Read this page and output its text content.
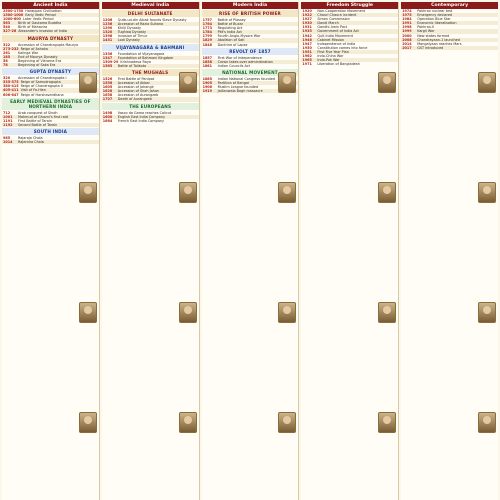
Ancient India
2500-1750 Harappan Civilisation
1500-1000 Early Vedic Period
1000-600 Later Vedic Period
563	Birth of Gautama Buddha
540	Birth of Mahavira
327-26 Alexander's invasion of India
MAURYA DYNASTY
322	Accession of Chandragupta Maurya
273-232 Reign of Ashoka
261	Kalinga War
185	End of Maurya Dynasty
58	Beginning of Vikrama Era
78	Beginning of Saka Era
GUPTA DYNASTY
320	Accession of Chandragupta I
335-375 Reign of Samudragupta
380-415 Reign of Chandragupta II
405-411 Visit of Fa-Hien
606-647 Reign of Harshavardhana
EARLY MEDIEVAL DYNASTIES OF NORTHERN INDIA
712	Arab conquest of Sindh
1001	Mahmud of Ghazni's first raid
1191	First Battle of Tarain
1192	Second Battle of Tarain
SOUTH INDIA
985	Rajaraja Chola
1014	Rajendra Chola
Medieval India
DELHI SULTANATE
1206	Qutb-ud-din Aibak founds Slave Dynasty
1236	Accession of Razia Sultana
1290	Khilji Dynasty
1320	Tughlaq Dynasty
1398	Invasion of Timur
1451	Lodi Dynasty
VIJAYANAGARA & BAHMANI
1336	Foundation of Vijayanagara
1347	Foundation of Bahmani Kingdom
1509-29 Krishnadeva Raya
1565	Battle of Talikota
THE MUGHALS
1526	First Battle of Panipat
1556	Accession of Akbar
1605	Accession of Jahangir
1628	Accession of Shah Jahan
1658	Accession of Aurangzeb
1707	Death of Aurangzeb
THE EUROPEANS
1498	Vasco da Gama reaches Calicut
1600	English East India Company
1664	French East India Company
Modern India
RISE OF BRITISH POWER
1757	Battle of Plassey
1764	Battle of Buxar
1773	Regulating Act
1784	Pitt's India Act
1799	Fourth Anglo-Mysore War
1829	Abolition of Sati
1848	Doctrine of Lapse
REVOLT OF 1857
1857	First War of Independence
1858	Crown takes over administration
1861	Indian Councils Act
NATIONAL MOVEMENT
1885	Indian National Congress founded
1905	Partition of Bengal
1906	Muslim League founded
1919	Jallianwala Bagh massacre
Freedom Struggle
1920	Non-Cooperation Movement
1922	Chauri Chaura incident
1927	Simon Commission
1930	Dandi March
1931	Gandhi-Irwin Pact
1935	Government of India Act
1942	Quit India Movement
1946	Cabinet Mission
1947	Independence of India
1950	Constitution comes into force
1951	First Five Year Plan
1962	Indo-China War
1965	Indo-Pak War
1971	Liberation of Bangladesh
Contemporary
1974	Pokhran nuclear test
1975	Emergency declared
1984	Operation Blue Star
1991	Economic liberalisation
1998	Pokhran-II
1999	Kargil War
2000	New states formed
2008	Chandrayaan-1 launched
2014	Mangalyaan reaches Mars
2017	GST introduced
